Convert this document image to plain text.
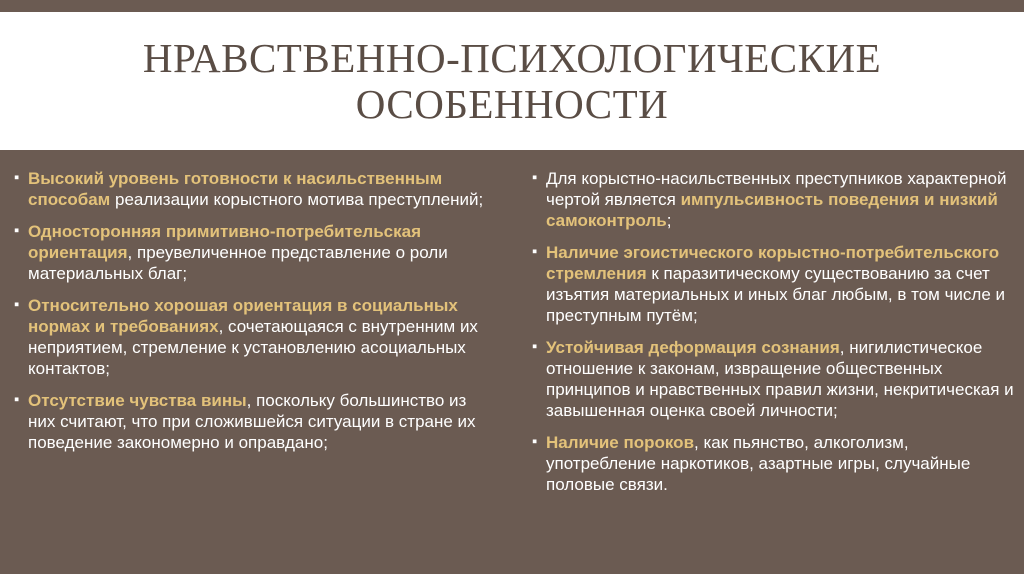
НРАВСТВЕННО-ПСИХОЛОГИЧЕСКИЕ
ОСОБЕННОСТИ
▪ Высокий уровень готовности к насильственным способам реализации корыстного мотива преступлений;
▪ Односторонняя примитивно-потребительская ориентация, преувеличенное представление о роли материальных благ;
▪ Относительно хорошая ориентация в социальных нормах и требованиях, сочетающаяся с внутренним их неприятием, стремление к установлению асоциальных контактов;
▪ Отсутствие чувства вины, поскольку большинство из них считают, что при сложившейся ситуации в стране их поведение закономерно и оправдано;
▪ Для корыстно-насильственных преступников характерной чертой является импульсивность поведения и низкий самоконтроль;
▪ Наличие эгоистического корыстно-потребительского стремления к паразитическому существованию за счет изъятия материальных и иных благ любым, в том числе и преступным путём;
▪ Устойчивая деформация сознания, нигилистическое отношение к законам, извращение общественных принципов и нравственных правил жизни, некритическая и завышенная оценка своей личности;
▪ Наличие пороков, как пьянство, алкоголизм, употребление наркотиков, азартные игры, случайные половые связи.
